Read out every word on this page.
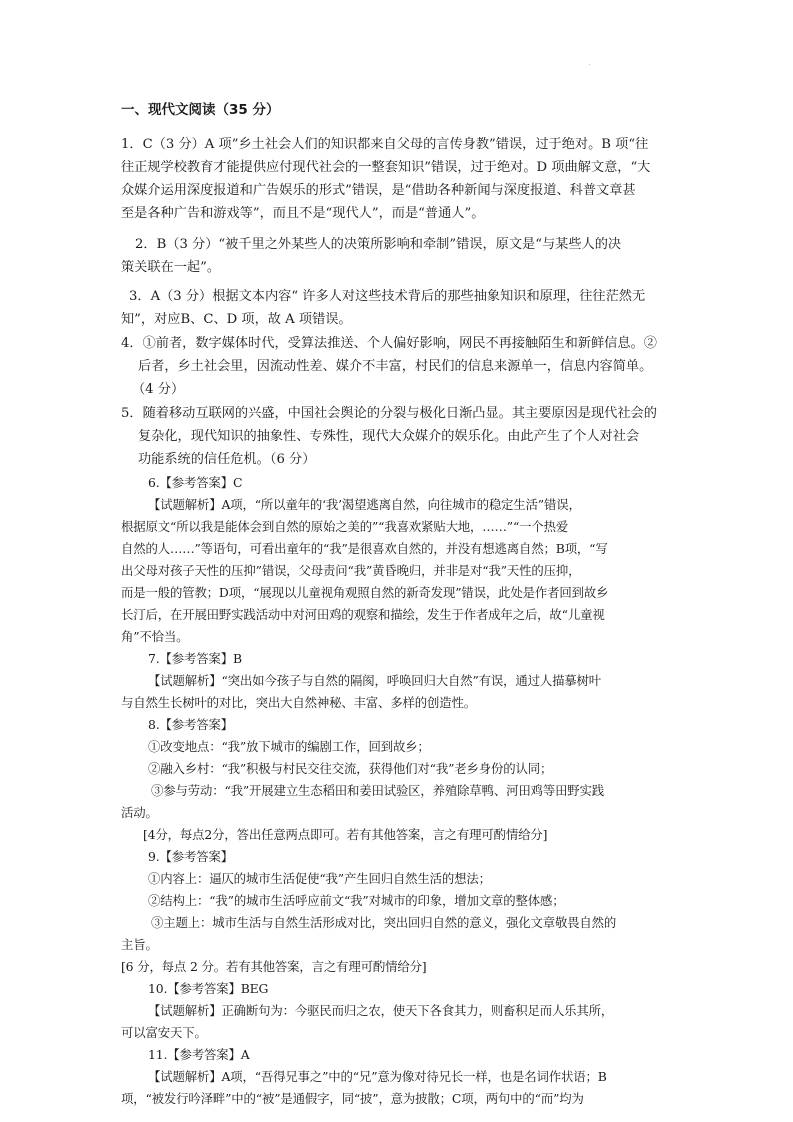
.
一、现代文阅读（35 分）
1．C（3 分）A 项”乡土社会人们的知识都来自父母的言传身教”错误，过于绝对。B 项“往
往正规学校教育才能提供应付现代社会的一整套知识”错误，过于绝对。D 项曲解文意，“大
众媒介运用深度报道和广告娱乐的形式”错误，是“借助各种新闻与深度报道、科普文章甚
至是各种广告和游戏等”，而且不是“现代人”，而是“普通人”。
2．B（3 分）“被千里之外某些人的决策所影响和牵制”错误，原文是“与某些人的决
策关联在一起”。
3．A（3 分）根据文本内容“ 许多人对这些技术背后的那些抽象知识和原理，往往茫然无
知”，对应B、C、D 项，故 A 项错误。
4．①前者，数字媒体时代，受算法推送、个人偏好影响，网民不再接触陌生和新鲜信息。②
后者，乡土社会里，因流动性差、媒介不丰富，村民们的信息来源单一，信息内容简单。
（4 分）
5．随着移动互联网的兴盛，中国社会舆论的分裂与极化日渐凸显。其主要原因是现代社会的
复杂化，现代知识的抽象性、专殊性，现代大众媒介的娱乐化。由此产生了个人对社会
功能系统的信任危机。（6 分）
6.【参考答案】C
【试题解析】A项，“所以童年的‘我’渴望逃离自然，向往城市的稳定生活”错误，
根据原文“所以我是能体会到自然的原始之美的”“我喜欢紧贴大地，……”“一个热爱
自然的人……”等语句，可看出童年的“我”是很喜欢自然的，并没有想逃离自然；B项，“写
出父母对孩子天性的压抑”错误，父母责问“我”黄昏晚归，并非是对“我”天性的压抑，
而是一般的管教；D项，“展现以儿童视角观照自然的新奇发现”错误，此处是作者回到故乡
长汀后，在开展田野实践活动中对河田鸡的观察和描绘，发生于作者成年之后，故“儿童视
角”不恰当。
7.【参考答案】B
【试题解析】“突出如今孩子与自然的隔阂，呼唤回归大自然”有误，通过人描摹树叶
与自然生长树叶的对比，突出大自然神秘、丰富、多样的创造性。
8.【参考答案】
①改变地点：“我”放下城市的编剧工作，回到故乡；
②融入乡村：“我”积极与村民交往交流，获得他们对“我”老乡身份的认同；
③参与劳动：“我”开展建立生态稻田和姜田试验区，养殖除草鸭、河田鸡等田野实践
活动。
[4分，每点2分，答出任意两点即可。若有其他答案，言之有理可酌情给分]
9.【参考答案】
①内容上：逼仄的城市生活促使“我”产生回归自然生活的想法；
②结构上：“我”的城市生活呼应前文“我”对城市的印象，增加文章的整体感；
③主题上：城市生活与自然生活形成对比，突出回归自然的意义，强化文章敬畏自然的
主旨。
[6 分，每点 2 分。若有其他答案，言之有理可酌情给分]
10.【参考答案】BEG
【试题解析】正确断句为：今驱民而归之农，使天下各食其力，则畜积足而人乐其所，
可以富安天下。
11.【参考答案】A
【试题解析】A项，“吾得兄事之”中的“兄”意为像对待兄长一样，也是名词作状语；B
项，“被发行吟泽畔”中的“被”是通假字，同“披”，意为披散；C项，两句中的“而”均为
